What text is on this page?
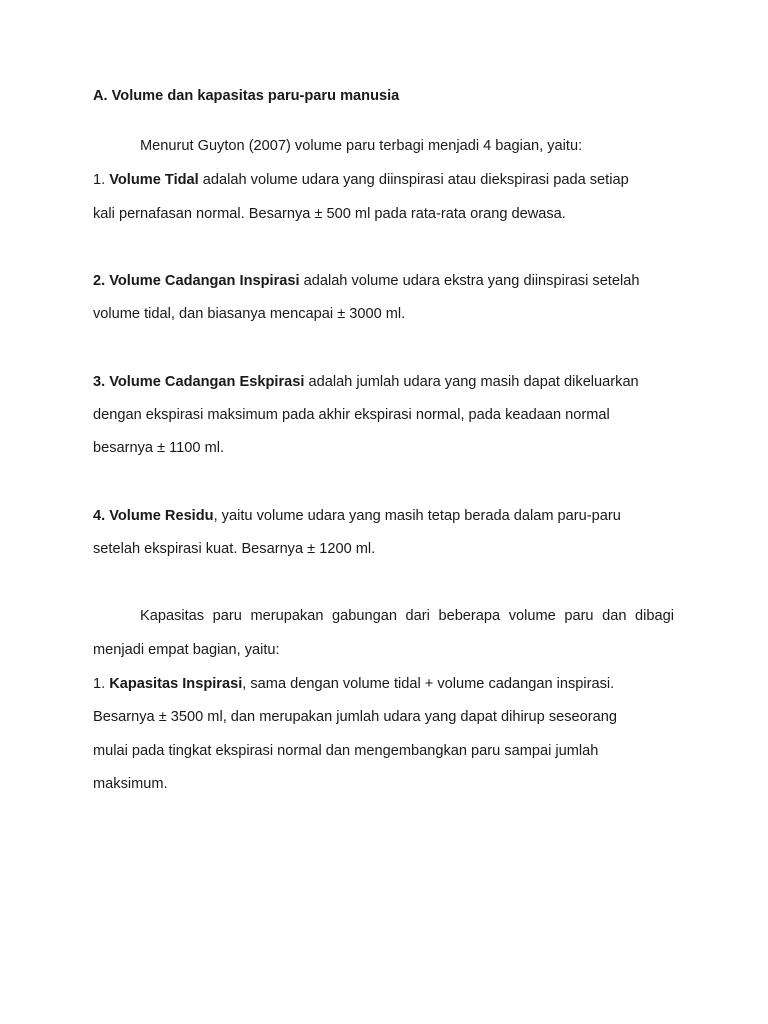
A. Volume dan kapasitas paru-paru manusia

Menurut Guyton (2007) volume paru terbagi menjadi 4 bagian, yaitu:

1. Volume Tidal adalah volume udara yang diinspirasi atau diekspirasi pada setiap

kali pernafasan normal. Besarnya ± 500 ml pada rata-rata orang dewasa.

2. Volume Cadangan Inspirasi adalah volume udara ekstra yang diinspirasi setelah

volume tidal, dan biasanya mencapai ± 3000 ml.

3. Volume Cadangan Eskpirasi adalah jumlah udara yang masih dapat dikeluarkan

dengan ekspirasi maksimum pada akhir ekspirasi normal, pada keadaan normal

besarnya ± 1100 ml.

4. Volume Residu, yaitu volume udara yang masih tetap berada dalam paru-paru

setelah ekspirasi kuat. Besarnya ± 1200 ml.

Kapasitas paru merupakan gabungan dari beberapa volume paru dan dibagi

menjadi empat bagian, yaitu:

1. Kapasitas Inspirasi, sama dengan volume tidal + volume cadangan inspirasi.

Besarnya ± 3500 ml, dan merupakan jumlah udara yang dapat dihirup seseorang

mulai pada tingkat ekspirasi normal dan mengembangkan paru sampai jumlah

maksimum.
